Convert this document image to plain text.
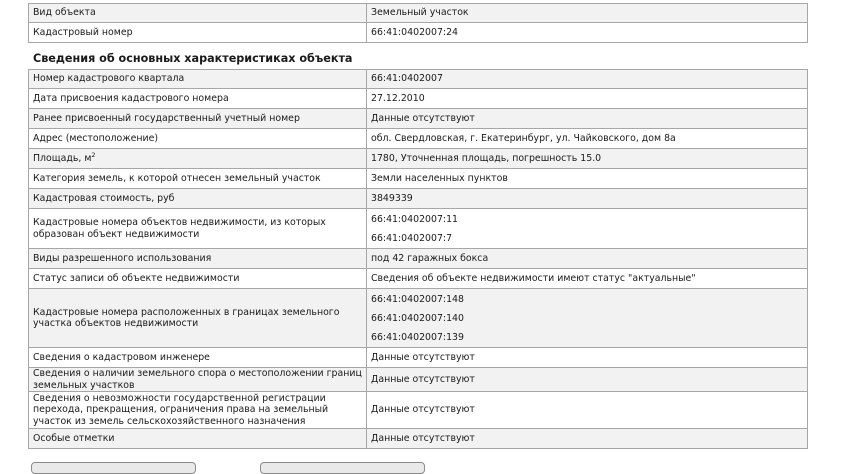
Вид объекта	Земельный участок
Кадастровый номер	66:41:0402007:24
Сведения об основных характеристиках объекта
Номер кадастрового квартала	66:41:0402007
Дата присвоения кадастрового номера	27.12.2010
Ранее присвоенный государственный учетный номер	Данные отсутствуют
Адрес (местоположение)	обл. Свердловская, г. Екатеринбург, ул. Чайковского, дом 8а
Площадь, $м^2$	1780, Уточненная площадь, погрешность 15.0
Категория земель, к которой отнесен земельный участок	Земли населенных пунктов
Кадастровая стоимость, руб	3849339
Кадастровые номера объектов недвижимости, из которых образован объект недвижимости	66:41:0402007:11
66:41:0402007:7

Виды разрешенного использования	под 42 гаражных бокса
Статус записи об объекте недвижимости	Сведения об объекте недвижимости имеют статус "актуальные"
Кадастровые номера расположенных в границах земельного участка объектов недвижимости	66:41:0402007:148
66:41:0402007:140
66:41:0402007:139

Сведения о кадастровом инженере	Данные отсутствуют
Сведения о наличии земельного спора о местоположении границ земельных участков	Данные отсутствуют
Сведения о невозможности государственной регистрации перехода, прекращения, ограничения права на земельный участок из земель сельскохозяйственного назначения	Данные отсутствуют
Особые отметки	Данные отсутствуют
